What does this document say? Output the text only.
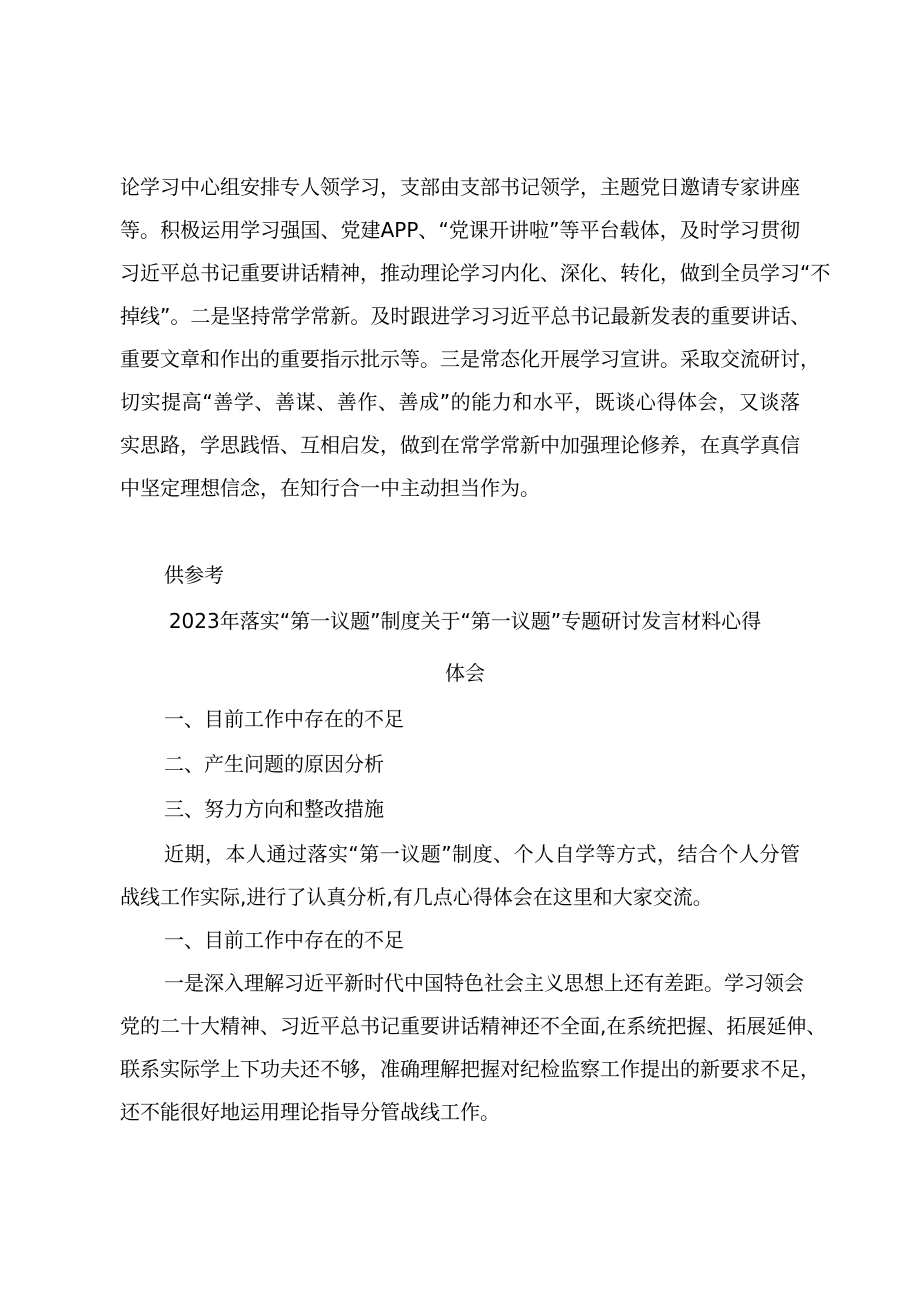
论学习中心组安排专人领学习，支部由支部书记领学，主题党日邀请专家讲座
等。积极运用学习强国、党建APP、“党课开讲啦”等平台载体，及时学习贯彻
习近平总书记重要讲话精神，推动理论学习内化、深化、转化，做到全员学习“不
掉线”。二是坚持常学常新。及时跟进学习习近平总书记最新发表的重要讲话、
重要文章和作出的重要指示批示等。三是常态化开展学习宣讲。采取交流研讨，
切实提高“善学、善谋、善作、善成”的能力和水平，既谈心得体会，又谈落
实思路，学思践悟、互相启发，做到在常学常新中加强理论修养，在真学真信
中坚定理想信念，在知行合一中主动担当作为。
供参考
2023年落实“第一议题”制度关于“第一议题”专题研讨发言材料心得
体会
一、目前工作中存在的不足
二、产生问题的原因分析
三、努力方向和整改措施
近期，本人通过落实“第一议题”制度、个人自学等方式，结合个人分管
战线工作实际,进行了认真分析,有几点心得体会在这里和大家交流。
一、目前工作中存在的不足
一是深入理解习近平新时代中国特色社会主义思想上还有差距。学习领会
党的二十大精神、习近平总书记重要讲话精神还不全面,在系统把握、拓展延伸、
联系实际学上下功夫还不够，准确理解把握对纪检监察工作提出的新要求不足，
还不能很好地运用理论指导分管战线工作。
